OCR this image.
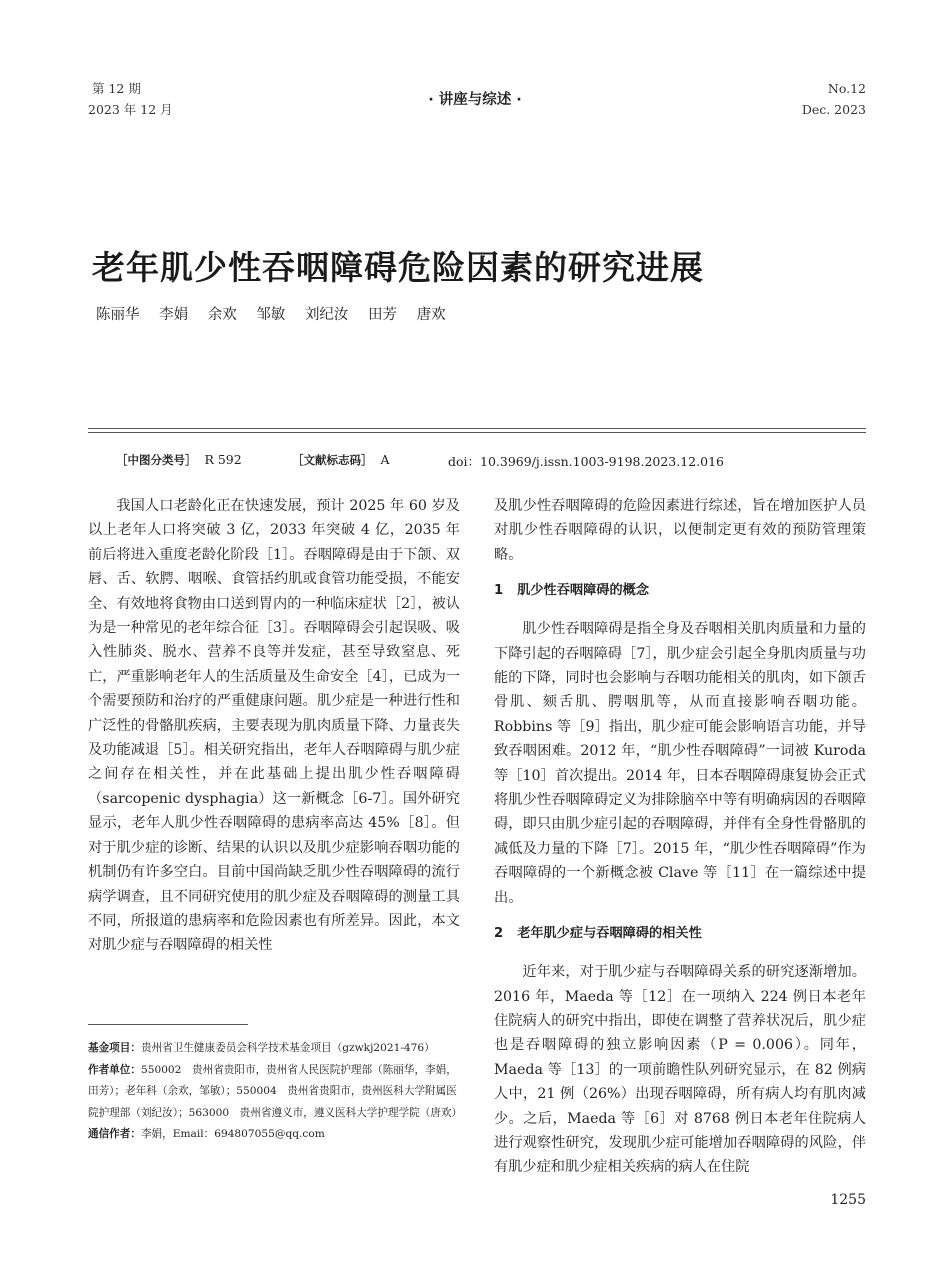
第 12 期
2023 年 12 月
· 讲座与综述 ·
No.12
Dec. 2023
老年肌少性吞咽障碍危险因素的研究进展
陈丽华 李娟 余欢 邹敏 刘纪汝 田芳 唐欢
［中图分类号］ R 592	［文献标志码］ A	doi：10.3969/j.issn.1003-9198.2023.12.016

我国人口老龄化正在快速发展，预计 2025 年 60 岁及以上老年人口将突破 3 亿，2033 年突破 4 亿，2035 年前后将进入重度老龄化阶段［1］。吞咽障碍是由于下颌、双唇、舌、软腭、咽喉、食管括约肌或食管功能受损，不能安全、有效地将食物由口送到胃内的一种临床症状［2］，被认为是一种常见的老年综合征［3］。吞咽障碍会引起误吸、吸入性肺炎、脱水、营养不良等并发症，甚至导致窒息、死亡，严重影响老年人的生活质量及生命安全［4］，已成为一个需要预防和治疗的严重健康问题。肌少症是一种进行性和广泛性的骨骼肌疾病，主要表现为肌肉质量下降、力量丧失及功能减退［5］。相关研究指出，老年人吞咽障碍与肌少症之间存在相关性，并在此基础上提出肌少性吞咽障碍（sarcopenic dysphagia）这一新概念［6-7］。国外研究显示，老年人肌少性吞咽障碍的患病率高达 45%［8］。但对于肌少症的诊断、结果的认识以及肌少症影响吞咽功能的机制仍有许多空白。目前中国尚缺乏肌少性吞咽障碍的流行病学调查，且不同研究使用的肌少症及吞咽障碍的测量工具不同，所报道的患病率和危险因素也有所差异。因此，本文对肌少症与吞咽障碍的相关性

及肌少性吞咽障碍的危险因素进行综述，旨在增加医护人员对肌少性吞咽障碍的认识，以便制定更有效的预防管理策略。

1 肌少性吞咽障碍的概念

肌少性吞咽障碍是指全身及吞咽相关肌肉质量和力量的下降引起的吞咽障碍［7］，肌少症会引起全身肌肉质量与功能的下降，同时也会影响与吞咽功能相关的肌肉，如下颌舌骨肌、颏舌肌、腭咽肌等，从而直接影响吞咽功能。Robbins 等［9］指出，肌少症可能会影响语言功能，并导致吞咽困难。2012 年，“肌少性吞咽障碍”一词被 Kuroda 等［10］首次提出。2014 年，日本吞咽障碍康复协会正式将肌少性吞咽障碍定义为排除脑卒中等有明确病因的吞咽障碍，即只由肌少症引起的吞咽障碍，并伴有全身性骨骼肌的减低及力量的下降［7］。2015 年，“肌少性吞咽障碍”作为吞咽障碍的一个新概念被 Clave 等［11］在一篇综述中提出。

2 老年肌少症与吞咽障碍的相关性

近年来，对于肌少症与吞咽障碍关系的研究逐渐增加。2016 年，Maeda 等［12］在一项纳入 224 例日本老年住院病人的研究中指出，即使在调整了营养状况后，肌少症也是吞咽障碍的独立影响因素（P = 0.006）。同年，Maeda 等［13］的一项前瞻性队列研究显示，在 82 例病人中，21 例（26%）出现吞咽障碍，所有病人均有肌肉减少。之后，Maeda 等［6］对 8768 例日本老年住院病人进行观察性研究，发现肌少症可能增加吞咽障碍的风险，伴有肌少症和肌少症相关疾病的病人在住院

基金项目：贵州省卫生健康委员会科学技术基金项目（gzwkj2021-476）

作者单位：550002　贵州省贵阳市，贵州省人民医院护理部（陈丽华，李娟，田芳）；老年科（余欢，邹敏）；550004　贵州省贵阳市，贵州医科大学附属医院护理部（刘纪汝）；563000　贵州省遵义市，遵义医科大学护理学院（唐欢）

通信作者：李娟，Email：694807055@qq.com

1255
